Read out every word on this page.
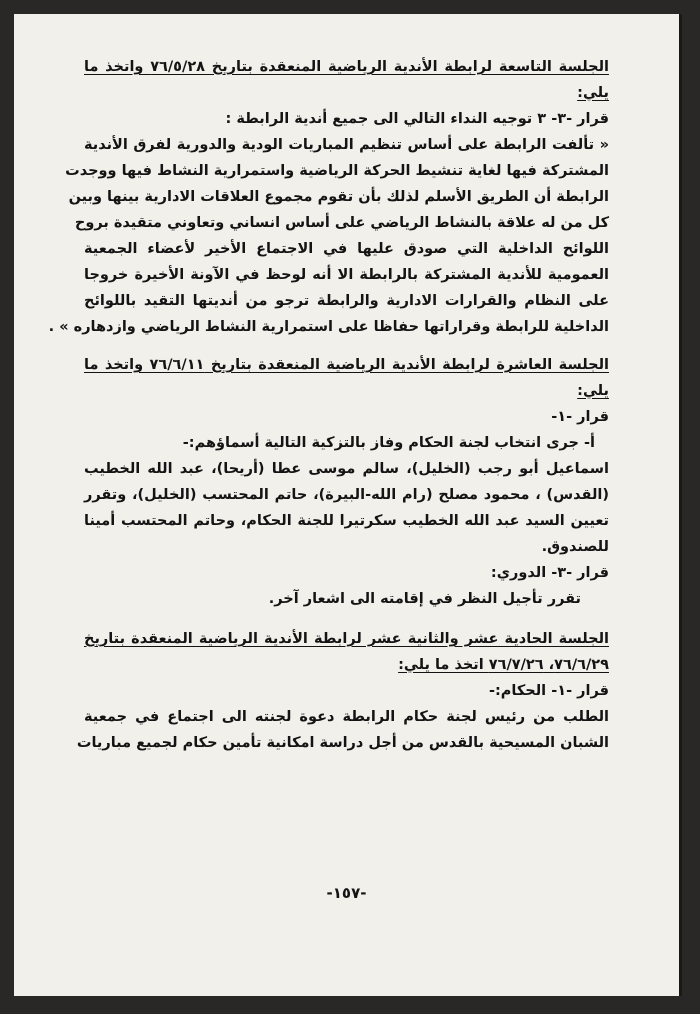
الجلسة التاسعة لرابطة الأندية الرياضية المنعقدة بتاريخ ٧٦/٥/٢٨ واتخذ ما
يلي:
قرار -٣- ٣ توجيه النداء التالي الى جميع أندية الرابطة :
« تألفت الرابطة على أساس تنظيم المباريات الودية والدورية لفرق الأندية
المشتركة فيها لغاية تنشيط الحركة الرياضية واستمرارية النشاط فيها ووجدت
الرابطة أن الطريق الأسلم لذلك بأن تقوم مجموع العلاقات الادارية بينها وبين
كل من له علاقة بالنشاط الرياضي على أساس انساني وتعاوني متقيدة بروح
اللوائح الداخلية التي صودق عليها في الاجتماع الأخير لأعضاء الجمعية
العمومية للأندية المشتركة بالرابطة الا أنه لوحظ في الآونة الأخيرة خروجا
على النظام والقرارات الادارية والرابطة ترجو من أنديتها التقيد باللوائح
الداخلية للرابطة وقراراتها حفاظا على استمرارية النشاط الرياضي وازدهاره » .
الجلسة العاشرة لرابطة الأندية الرياضية المنعقدة بتاريخ ٧٦/٦/١١ واتخذ ما
يلي:
قرار -١-
أ- جرى انتخاب لجنة الحكام وفاز بالتزكية التالية أسماؤهم:-
اسماعيل أبو رجب (الخليل)، سالم موسى عطا (أريحا)، عبد الله الخطيب
(القدس) ، محمود مصلح (رام الله-البيرة)، حاتم المحتسب (الخليل)، وتقرر
تعيين السيد عبد الله الخطيب سكرتيرا للجنة الحكام، وحاتم المحتسب أمينا
للصندوق.
قرار -٣- الدوري:
تقرر تأجيل النظر في إقامته الى اشعار آخر.
الجلسة الحادية عشر والثانية عشر لرابطة الأندية الرياضية المنعقدة بتاريخ
٧٦/٦/٢٩، ٧٦/٧/٢٦ اتخذ ما يلي:
قرار -١- الحكام:-
الطلب من رئيس لجنة حكام الرابطة دعوة لجنته الى اجتماع في جمعية
الشبان المسيحية بالقدس من أجل دراسة امكانية تأمين حكام لجميع مباريات
-١٥٧-
